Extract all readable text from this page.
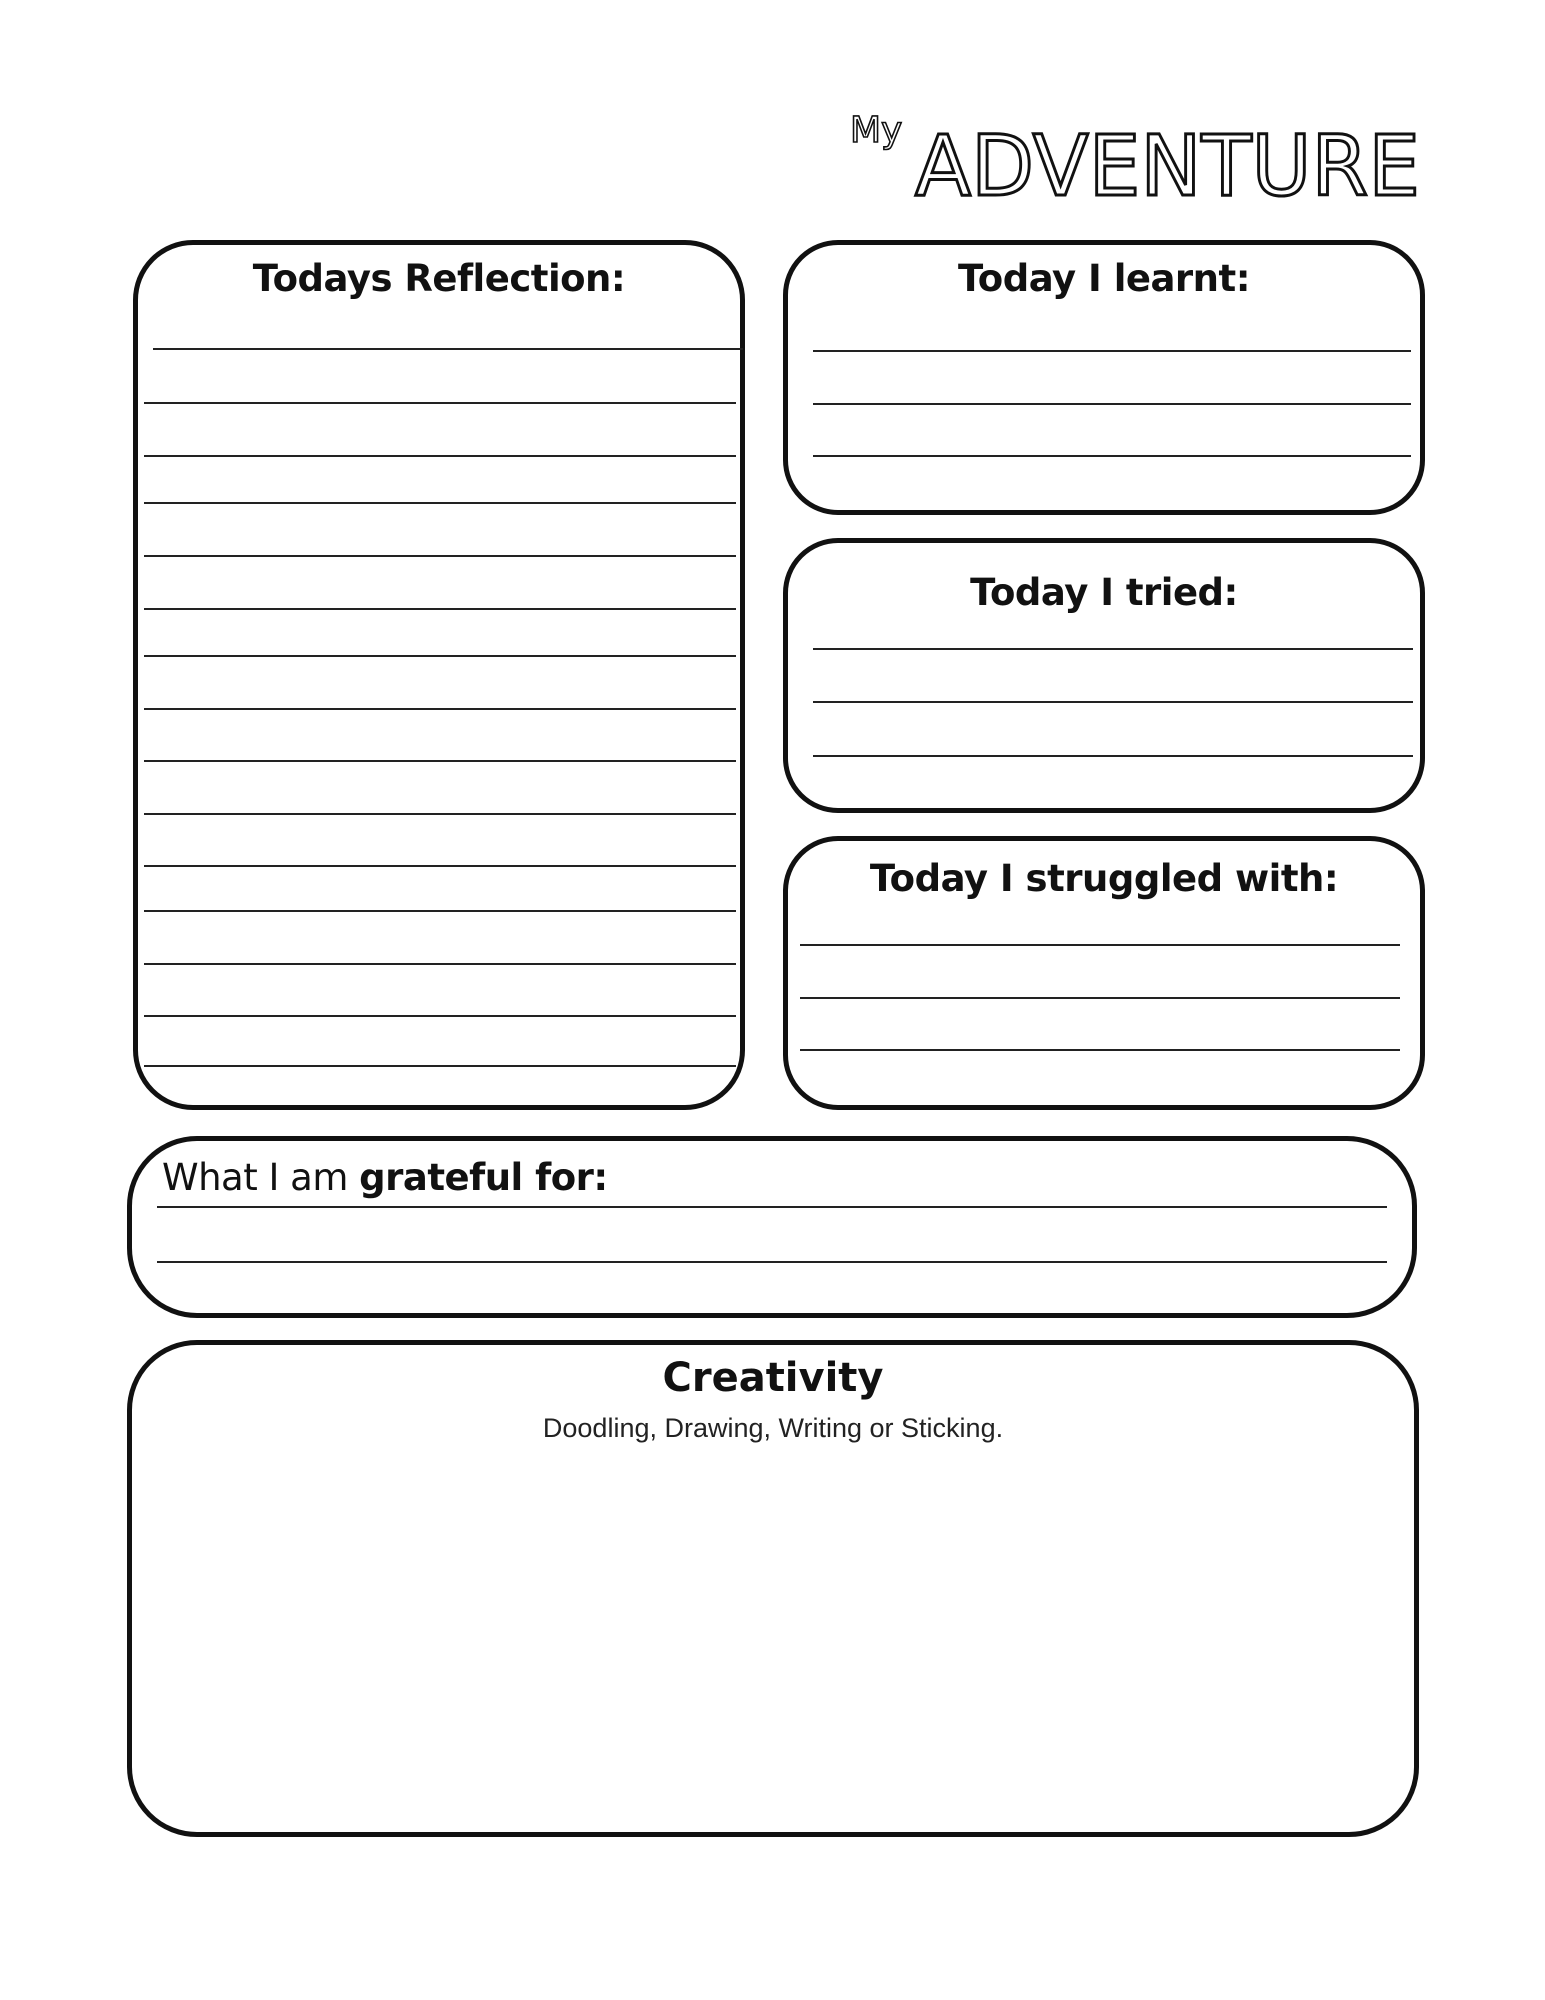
My ADVENTURE
Todays Reflection:	Today I learnt:
Today I tried:
Today I struggled with:
What I am grateful for:
Creativity
Doodling, Drawing, Writing or Sticking.
